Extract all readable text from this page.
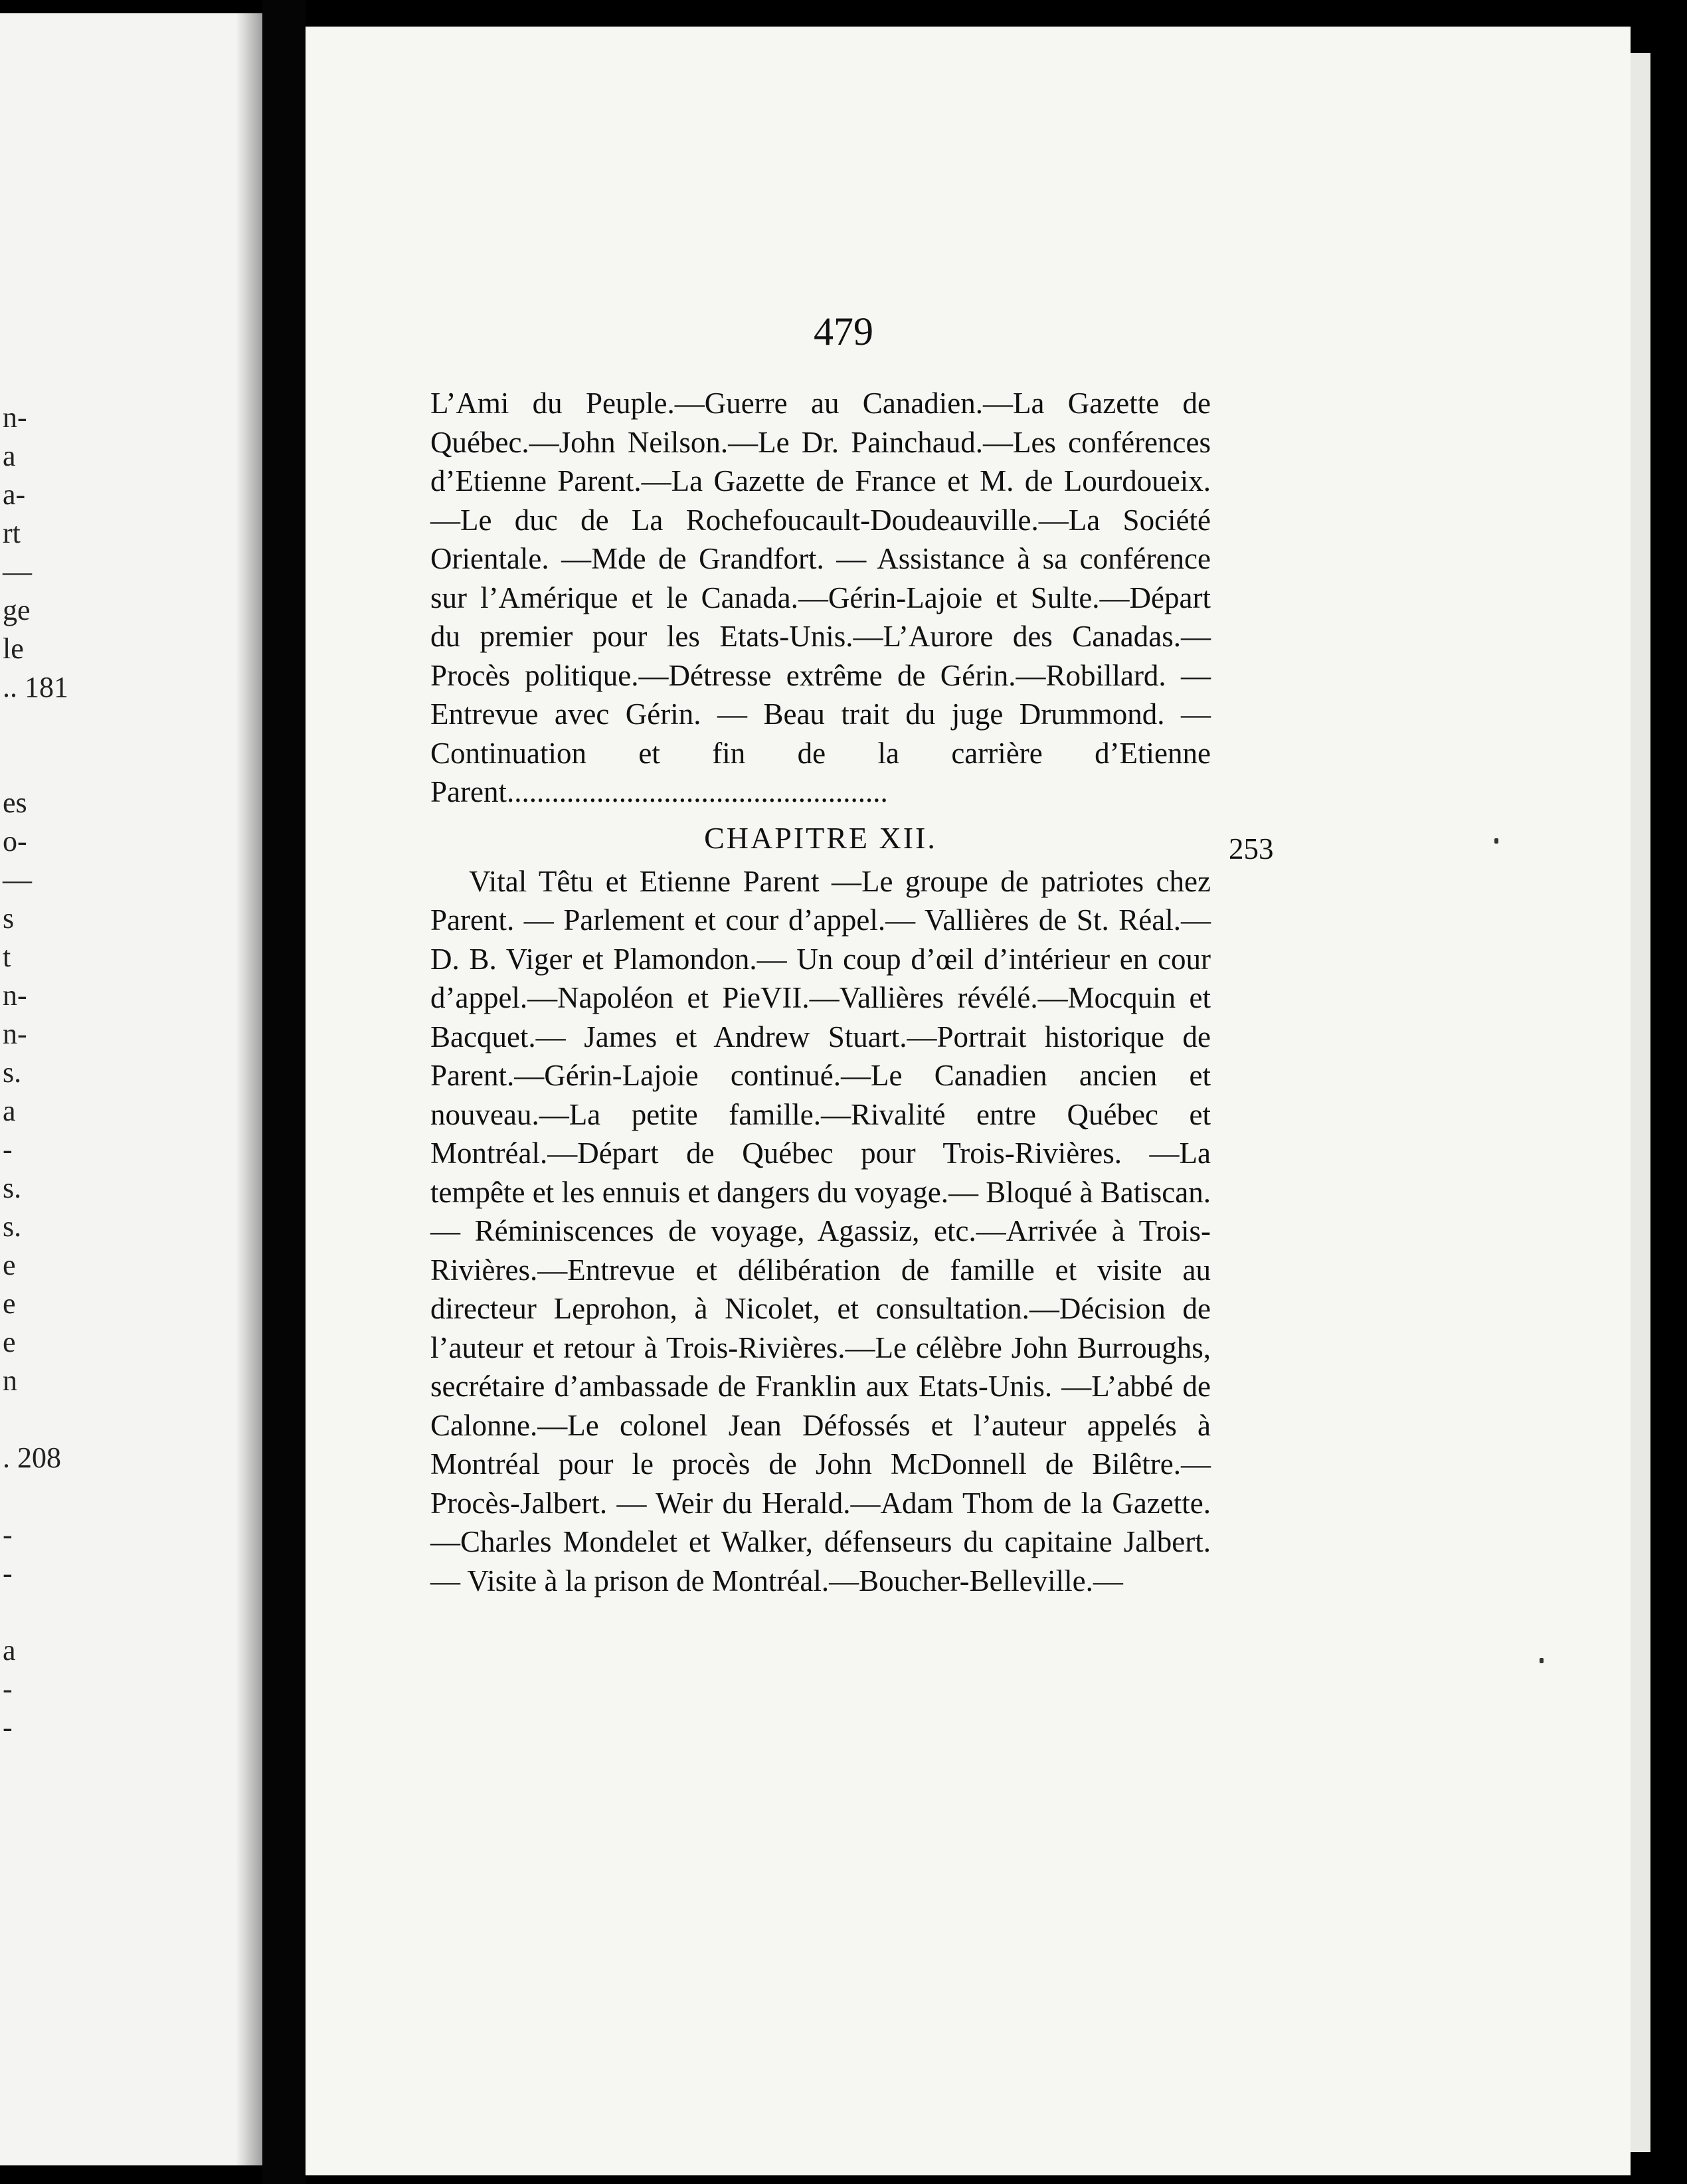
n-
a
a-
rt
—
ge
le
.. 181
es
o-
—
s
t
n-
n-
s.
a
-
s.
s.
e
e
e
n
. 208
-
-
a
-
-
479

L’Ami du Peuple.—Guerre au Canadien.—La Gazette de Québec.—John Neilson.—Le Dr. Painchaud.—Les conférences d’Etienne Parent.—La Gazette de France et M. de Lourdoueix.—Le duc de La Rochefoucault-Doudeauville.—La Société Orientale. —Mde de Grandfort. — Assistance à sa conférence sur l’Amérique et le Canada.—Gérin-Lajoie et Sulte.—Départ du premier pour les Etats-Unis.—L’Aurore des Canadas.—Procès politique.—Détresse extrême de Gérin.—Robillard. — Entrevue avec Gérin. — Beau trait du juge Drummond. — Continuation et fin de la carrière d’Etienne Parent...................................................

CHAPITRE XII.

Vital Têtu et Etienne Parent —Le groupe de patriotes chez Parent. — Parlement et cour d’appel.— Vallières de St. Réal.—D. B. Viger et Plamondon.— Un coup d’œil d’intérieur en cour d’appel.—Napoléon et PieVII.—Vallières révélé.—Mocquin et Bacquet.— James et Andrew Stuart.—Portrait historique de Parent.—Gérin-Lajoie continué.—Le Canadien ancien et nouveau.—La petite famille.—Rivalité entre Québec et Montréal.—Départ de Québec pour Trois-Rivières. —La tempête et les ennuis et dangers du voyage.— Bloqué à Batiscan. — Réminiscences de voyage, Agassiz, etc.—Arrivée à Trois-Rivières.—Entrevue et délibération de famille et visite au directeur Leprohon, à Nicolet, et consultation.—Décision de l’auteur et retour à Trois-Rivières.—Le célèbre John Burroughs, secrétaire d’ambassade de Franklin aux Etats-Unis. —L’abbé de Calonne.—Le colonel Jean Défossés et l’auteur appelés à Montréal pour le procès de John McDonnell de Bilêtre.— Procès-Jalbert. — Weir du Herald.—Adam Thom de la Gazette.—Charles Mondelet et Walker, défenseurs du capitaine Jalbert.— Visite à la prison de Montréal.—Boucher-Belleville.—

253
